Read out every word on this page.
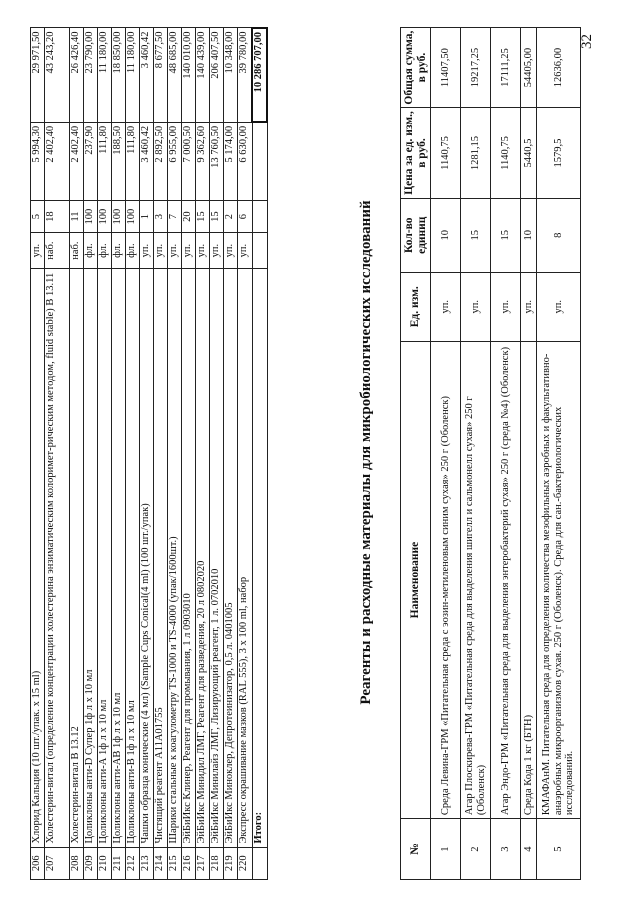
32
206	Хлорид Кальция (10 шт./упак. x 15 ml)	уп.	5	5 994,30	29 971,50
207	Холестерин-витал (определение концентрации холестерина энзиматическим колоримет-рическим методом, fluid stable) В 13.11	наб.	18	2 402,40	43 243,20
208	Холестерин-витал В 13.12	наб.	11	2 402,40	26 426,40
209	Цоликлоны анти-D Супер 1ф л x 10 мл	фл.	100	237,90	23 790,00
210	Цоликлоны анти-А 1ф л x 10 мл	фл.	100	111,80	11 180,00
211	Цоликлоны анти-АВ 1ф л x 10 мл	фл.	100	188,50	18 850,00
212	Цоликлоны анти-В 1ф л x 10 мл	фл.	100	111,80	11 180,00
213	Чашки образца конические (4 мл) (Sample Cups Conical(4 ml) (100 шт./упак)	уп.	1	3 460,42	3 460,42
214	Чистящий реагент А11А01755	уп.	3	2 892,50	8 677,50
215	Шарики стальные к коагулометру TS-1000 и TS-4000 (упак/1600шт.)	уп.	7	6 955,00	48 685,00
216	ЭйБиИкс Клинер, Реагент для промывания, 1 л 0903010	уп.	20	7 000,50	140 010,00
217	ЭйБиИкс Минидил ЛМГ, Реагент для разведения, 20 л 0802020	уп.	15	9 362,60	140 439,00
218	ЭйБиИкс Минилайз ЛМГ, Лизирующий реагент, 1 л. 0702010	уп.	15	13 760,50	206 407,50
219	ЭйБиИкс Миноклер, Депротеинизатор, 0,5 л. 0401005	уп.	2	5 174,00	10 348,00
220	Экспресс окрашивание мазков (RAL 555), 3 x 100 ml, набор	уп.	6	6 630,00	39 780,00
	Итого:				10 286 707,00
Реагенты и расходные материалы для микробиологических исследований
№	Наименование	Ед. изм.	Кол-во единиц	Цена за ед. изм., в руб.	Общая сумма, в руб.
1	Среда Левина-ГРМ «Питательная среда с эозин-метиленовым синим сухая» 250 г (Оболенск)	уп.	10	1140,75	11407,50
2	Агар Плоскирева-ГРМ «Питательная среда для выделения шигелл и сальмонелл сухая» 250 г (Оболенск)	уп.	15	1281,15	19217,25
3	Агар Эндо-ГРМ «Питательная среда для выделения энтеробактерий сухая» 250 г (среда №4) (Оболенск)	уп.	15	1140,75	17111,25
4	Среда Кода 1 кг (БТН)	уп.	10	5440,5	54405,00
5	КМАФАнМ. Питательная среда для определения количества мезофильных аэробных и факультативно-анаэробных микроорганизмов сухая. 250 г (Оболенск). Среда для сан.-бактериологических исследований.	уп.	8	1579,5	12636,00
